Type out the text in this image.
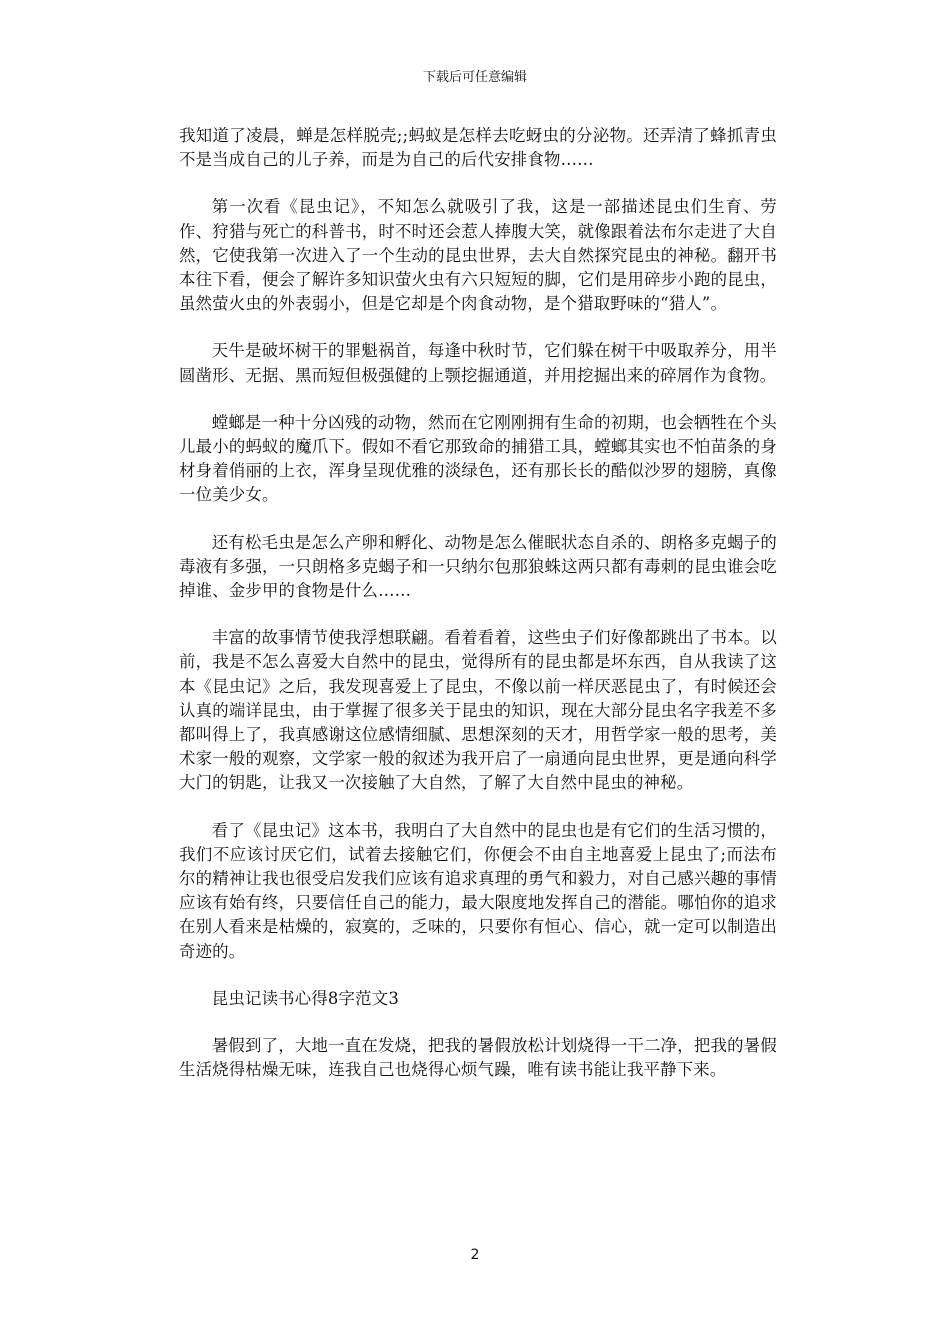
下载后可任意编辑

我知道了凌晨，蝉是怎样脱壳;;蚂蚁是怎样去吃蚜虫的分泌物。还弄清了蜂抓青虫不是当成自己的儿子养，而是为自己的后代安排食物……

第一次看《昆虫记》，不知怎么就吸引了我，这是一部描述昆虫们生育、劳作、狩猎与死亡的科普书，时不时还会惹人捧腹大笑，就像跟着法布尔走进了大自然，它使我第一次进入了一个生动的昆虫世界，去大自然探究昆虫的神秘。翻开书本往下看，便会了解许多知识萤火虫有六只短短的脚，它们是用碎步小跑的昆虫，虽然萤火虫的外表弱小，但是它却是个肉食动物，是个猎取野味的“猎人”。

天牛是破坏树干的罪魁祸首，每逢中秋时节，它们躲在树干中吸取养分，用半圆凿形、无据、黑而短但极强健的上颚挖掘通道，并用挖掘出来的碎屑作为食物。

螳螂是一种十分凶残的动物，然而在它刚刚拥有生命的初期，也会牺牲在个头儿最小的蚂蚁的魔爪下。假如不看它那致命的捕猎工具，螳螂其实也不怕苗条的身材身着俏丽的上衣，浑身呈现优雅的淡绿色，还有那长长的酷似沙罗的翅膀，真像一位美少女。

还有松毛虫是怎么产卵和孵化、动物是怎么催眠状态自杀的、朗格多克蝎子的毒液有多强，一只朗格多克蝎子和一只纳尔包那狼蛛这两只都有毒刺的昆虫谁会吃掉谁、金步甲的食物是什么……

丰富的故事情节使我浮想联翩。看着看着，这些虫子们好像都跳出了书本。以前，我是不怎么喜爱大自然中的昆虫，觉得所有的昆虫都是坏东西，自从我读了这本《昆虫记》之后，我发现喜爱上了昆虫，不像以前一样厌恶昆虫了，有时候还会认真的端详昆虫，由于掌握了很多关于昆虫的知识，现在大部分昆虫名字我差不多都叫得上了，我真感谢这位感情细腻、思想深刻的天才，用哲学家一般的思考，美术家一般的观察，文学家一般的叙述为我开启了一扇通向昆虫世界，更是通向科学大门的钥匙，让我又一次接触了大自然，了解了大自然中昆虫的神秘。

看了《昆虫记》这本书，我明白了大自然中的昆虫也是有它们的生活习惯的，我们不应该讨厌它们，试着去接触它们，你便会不由自主地喜爱上昆虫了;而法布尔的精神让我也很受启发我们应该有追求真理的勇气和毅力，对自己感兴趣的事情应该有始有终，只要信任自己的能力，最大限度地发挥自己的潜能。哪怕你的追求在别人看来是枯燥的，寂寞的，乏味的，只要你有恒心、信心，就一定可以制造出奇迹的。

昆虫记读书心得8字范文3

暑假到了，大地一直在发烧，把我的暑假放松计划烧得一干二净，把我的暑假生活烧得枯燥无味，连我自己也烧得心烦气躁，唯有读书能让我平静下来。

2
